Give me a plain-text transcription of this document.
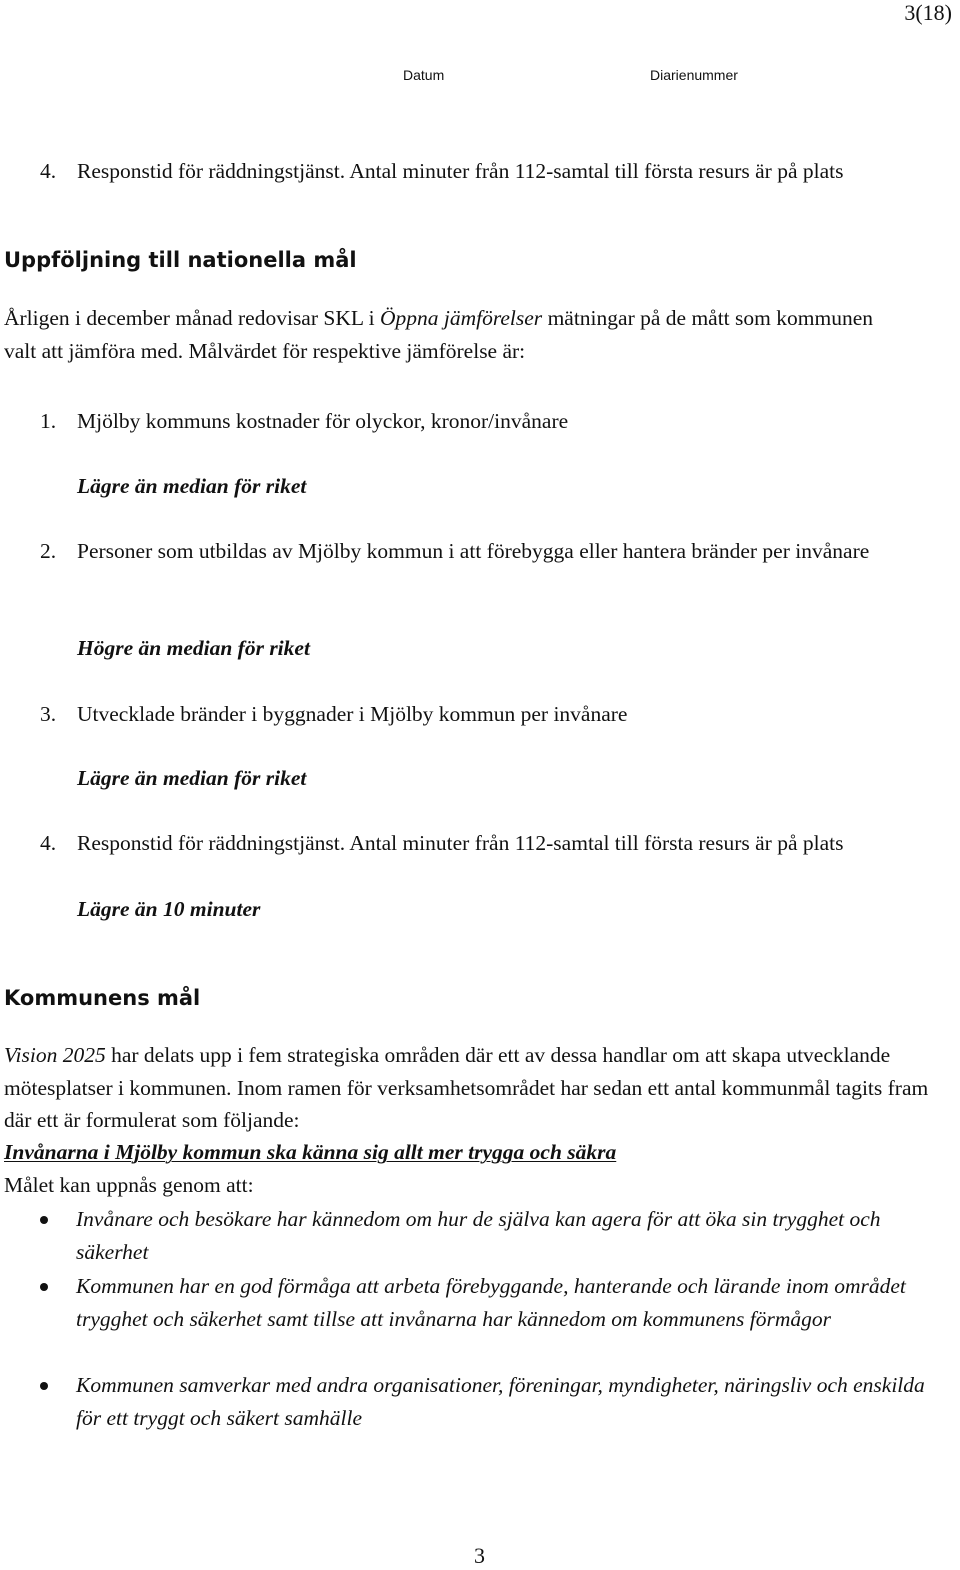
3(18)
Datum	Diarienummer
4. Responstid för räddningstjänst. Antal minuter från 112-samtal till första resurs är på plats
Uppföljning till nationella mål

Årligen i december månad redovisar SKL i Öppna jämförelser mätningar på de mått som kommunen valt att jämföra med. Målvärdet för respektive jämförelse är:

1. Mjölby kommuns kostnader för olyckor, kronor/invånare
Lägre än median för riket
2. Personer som utbildas av Mjölby kommun i att förebygga eller hantera bränder per invånare
Högre än median för riket
3. Utvecklade bränder i byggnader i Mjölby kommun per invånare
Lägre än median för riket
4. Responstid för räddningstjänst. Antal minuter från 112-samtal till första resurs är på plats
Lägre än 10 minuter
Kommunens mål

Vision 2025 har delats upp i fem strategiska områden där ett av dessa handlar om att skapa utvecklande mötesplatser i kommunen. Inom ramen för verksamhetsområdet har sedan ett antal kommunmål tagits fram där ett är formulerat som följande:

Invånarna i Mjölby kommun ska känna sig allt mer trygga och säkra

Målet kan uppnås genom att:

Invånare och besökare har kännedom om hur de själva kan agera för att öka sin trygghet och säkerhet

Kommunen har en god förmåga att arbeta förebyggande, hanterande och lärande inom området trygghet och säkerhet samt tillse att invånarna har kännedom om kommunens förmågor

Kommunen samverkar med andra organisationer, föreningar, myndigheter, näringsliv och enskilda för ett tryggt och säkert samhälle

3
